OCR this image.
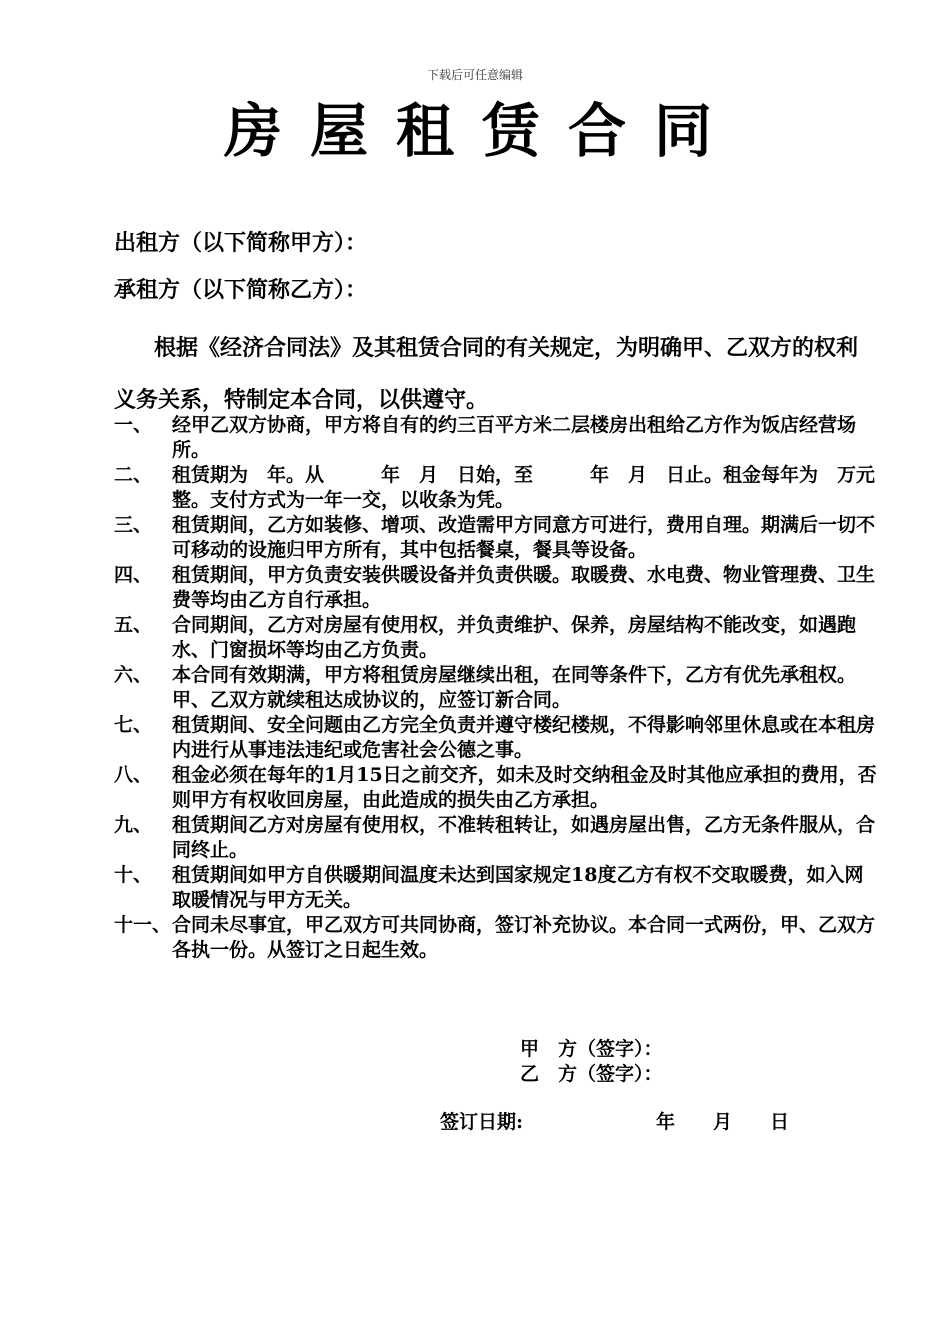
下载后可任意编辑
房屋租赁合同
出租方（以下简称甲方）：
承租方（以下简称乙方）：
根据《经济合同法》及其租赁合同的有关规定，为明确甲、乙双方的权利义务关系，特制定本合同，以供遵守。
一、	经甲乙双方协商，甲方将自有的约三百平方米二层楼房出租给乙方作为饭店经营场所。
二、	租赁期为　年。从　　　年　月　日始，至　　　年　月　日止。租金每年为　万元整。支付方式为一年一交，以收条为凭。
三、	租赁期间，乙方如装修、增项、改造需甲方同意方可进行，费用自理。期满后一切不可移动的设施归甲方所有，其中包括餐桌，餐具等设备。
四、	租赁期间，甲方负责安装供暖设备并负责供暖。取暖费、水电费、物业管理费、卫生费等均由乙方自行承担。
五、	合同期间，乙方对房屋有使用权，并负责维护、保养，房屋结构不能改变，如遇跑水、门窗损坏等均由乙方负责。
六、	本合同有效期满，甲方将租赁房屋继续出租，在同等条件下，乙方有优先承租权。甲、乙双方就续租达成协议的，应签订新合同。
七、	租赁期间、安全问题由乙方完全负责并遵守楼纪楼规，不得影响邻里休息或在本租房内进行从事违法违纪或危害社会公德之事。
八、	租金必须在每年的1月15日之前交齐，如未及时交纳租金及时其他应承担的费用，否则甲方有权收回房屋，由此造成的损失由乙方承担。
九、	租赁期间乙方对房屋有使用权，不准转租转让，如遇房屋出售，乙方无条件服从，合同终止。
十、	租赁期间如甲方自供暖期间温度未达到国家规定18度乙方有权不交取暖费，如入网取暖情况与甲方无关。
十一、 合同未尽事宜，甲乙双方可共同协商，签订补充协议。本合同一式两份，甲、乙双方各执一份。从签订之日起生效。
甲　方（签字）：
乙　方（签字）：
签订日期:　　　　　　　年　　月　　日
